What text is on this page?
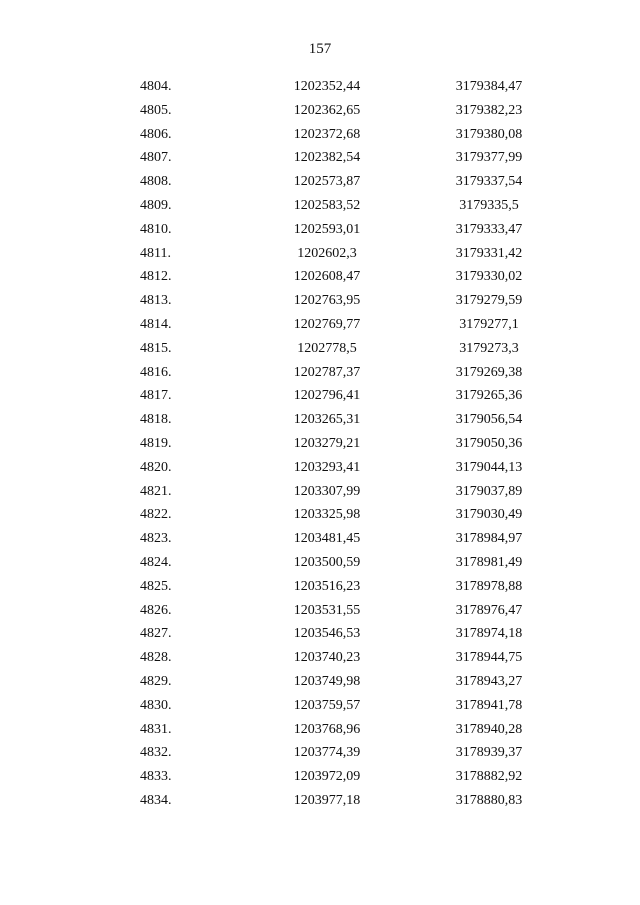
157
4804.	1202352,44	3179384,47
4805.	1202362,65	3179382,23
4806.	1202372,68	3179380,08
4807.	1202382,54	3179377,99
4808.	1202573,87	3179337,54
4809.	1202583,52	3179335,5
4810.	1202593,01	3179333,47
4811.	1202602,3	3179331,42
4812.	1202608,47	3179330,02
4813.	1202763,95	3179279,59
4814.	1202769,77	3179277,1
4815.	1202778,5	3179273,3
4816.	1202787,37	3179269,38
4817.	1202796,41	3179265,36
4818.	1203265,31	3179056,54
4819.	1203279,21	3179050,36
4820.	1203293,41	3179044,13
4821.	1203307,99	3179037,89
4822.	1203325,98	3179030,49
4823.	1203481,45	3178984,97
4824.	1203500,59	3178981,49
4825.	1203516,23	3178978,88
4826.	1203531,55	3178976,47
4827.	1203546,53	3178974,18
4828.	1203740,23	3178944,75
4829.	1203749,98	3178943,27
4830.	1203759,57	3178941,78
4831.	1203768,96	3178940,28
4832.	1203774,39	3178939,37
4833.	1203972,09	3178882,92
4834.	1203977,18	3178880,83
